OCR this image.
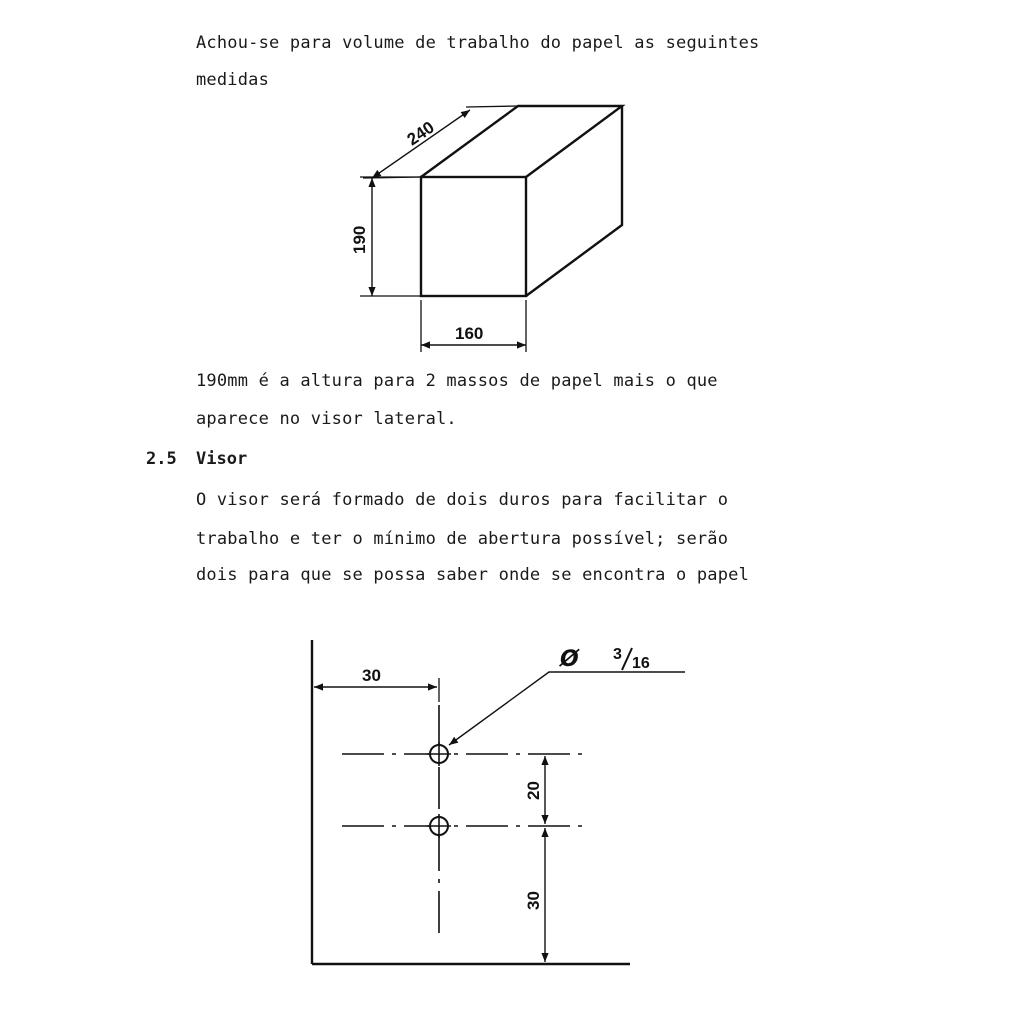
Achou-se para volume de trabalho do papel as seguintes
medidas
240
190
160
190mm é a altura para 2 massos de papel mais o que
aparece no visor lateral.
2.5 Visor
O visor será formado de dois duros para facilitar o
trabalho e ter o mínimo de abertura possível; serão
dois para que se possa saber onde se encontra o papel
30
20
30
Ø 3
16
